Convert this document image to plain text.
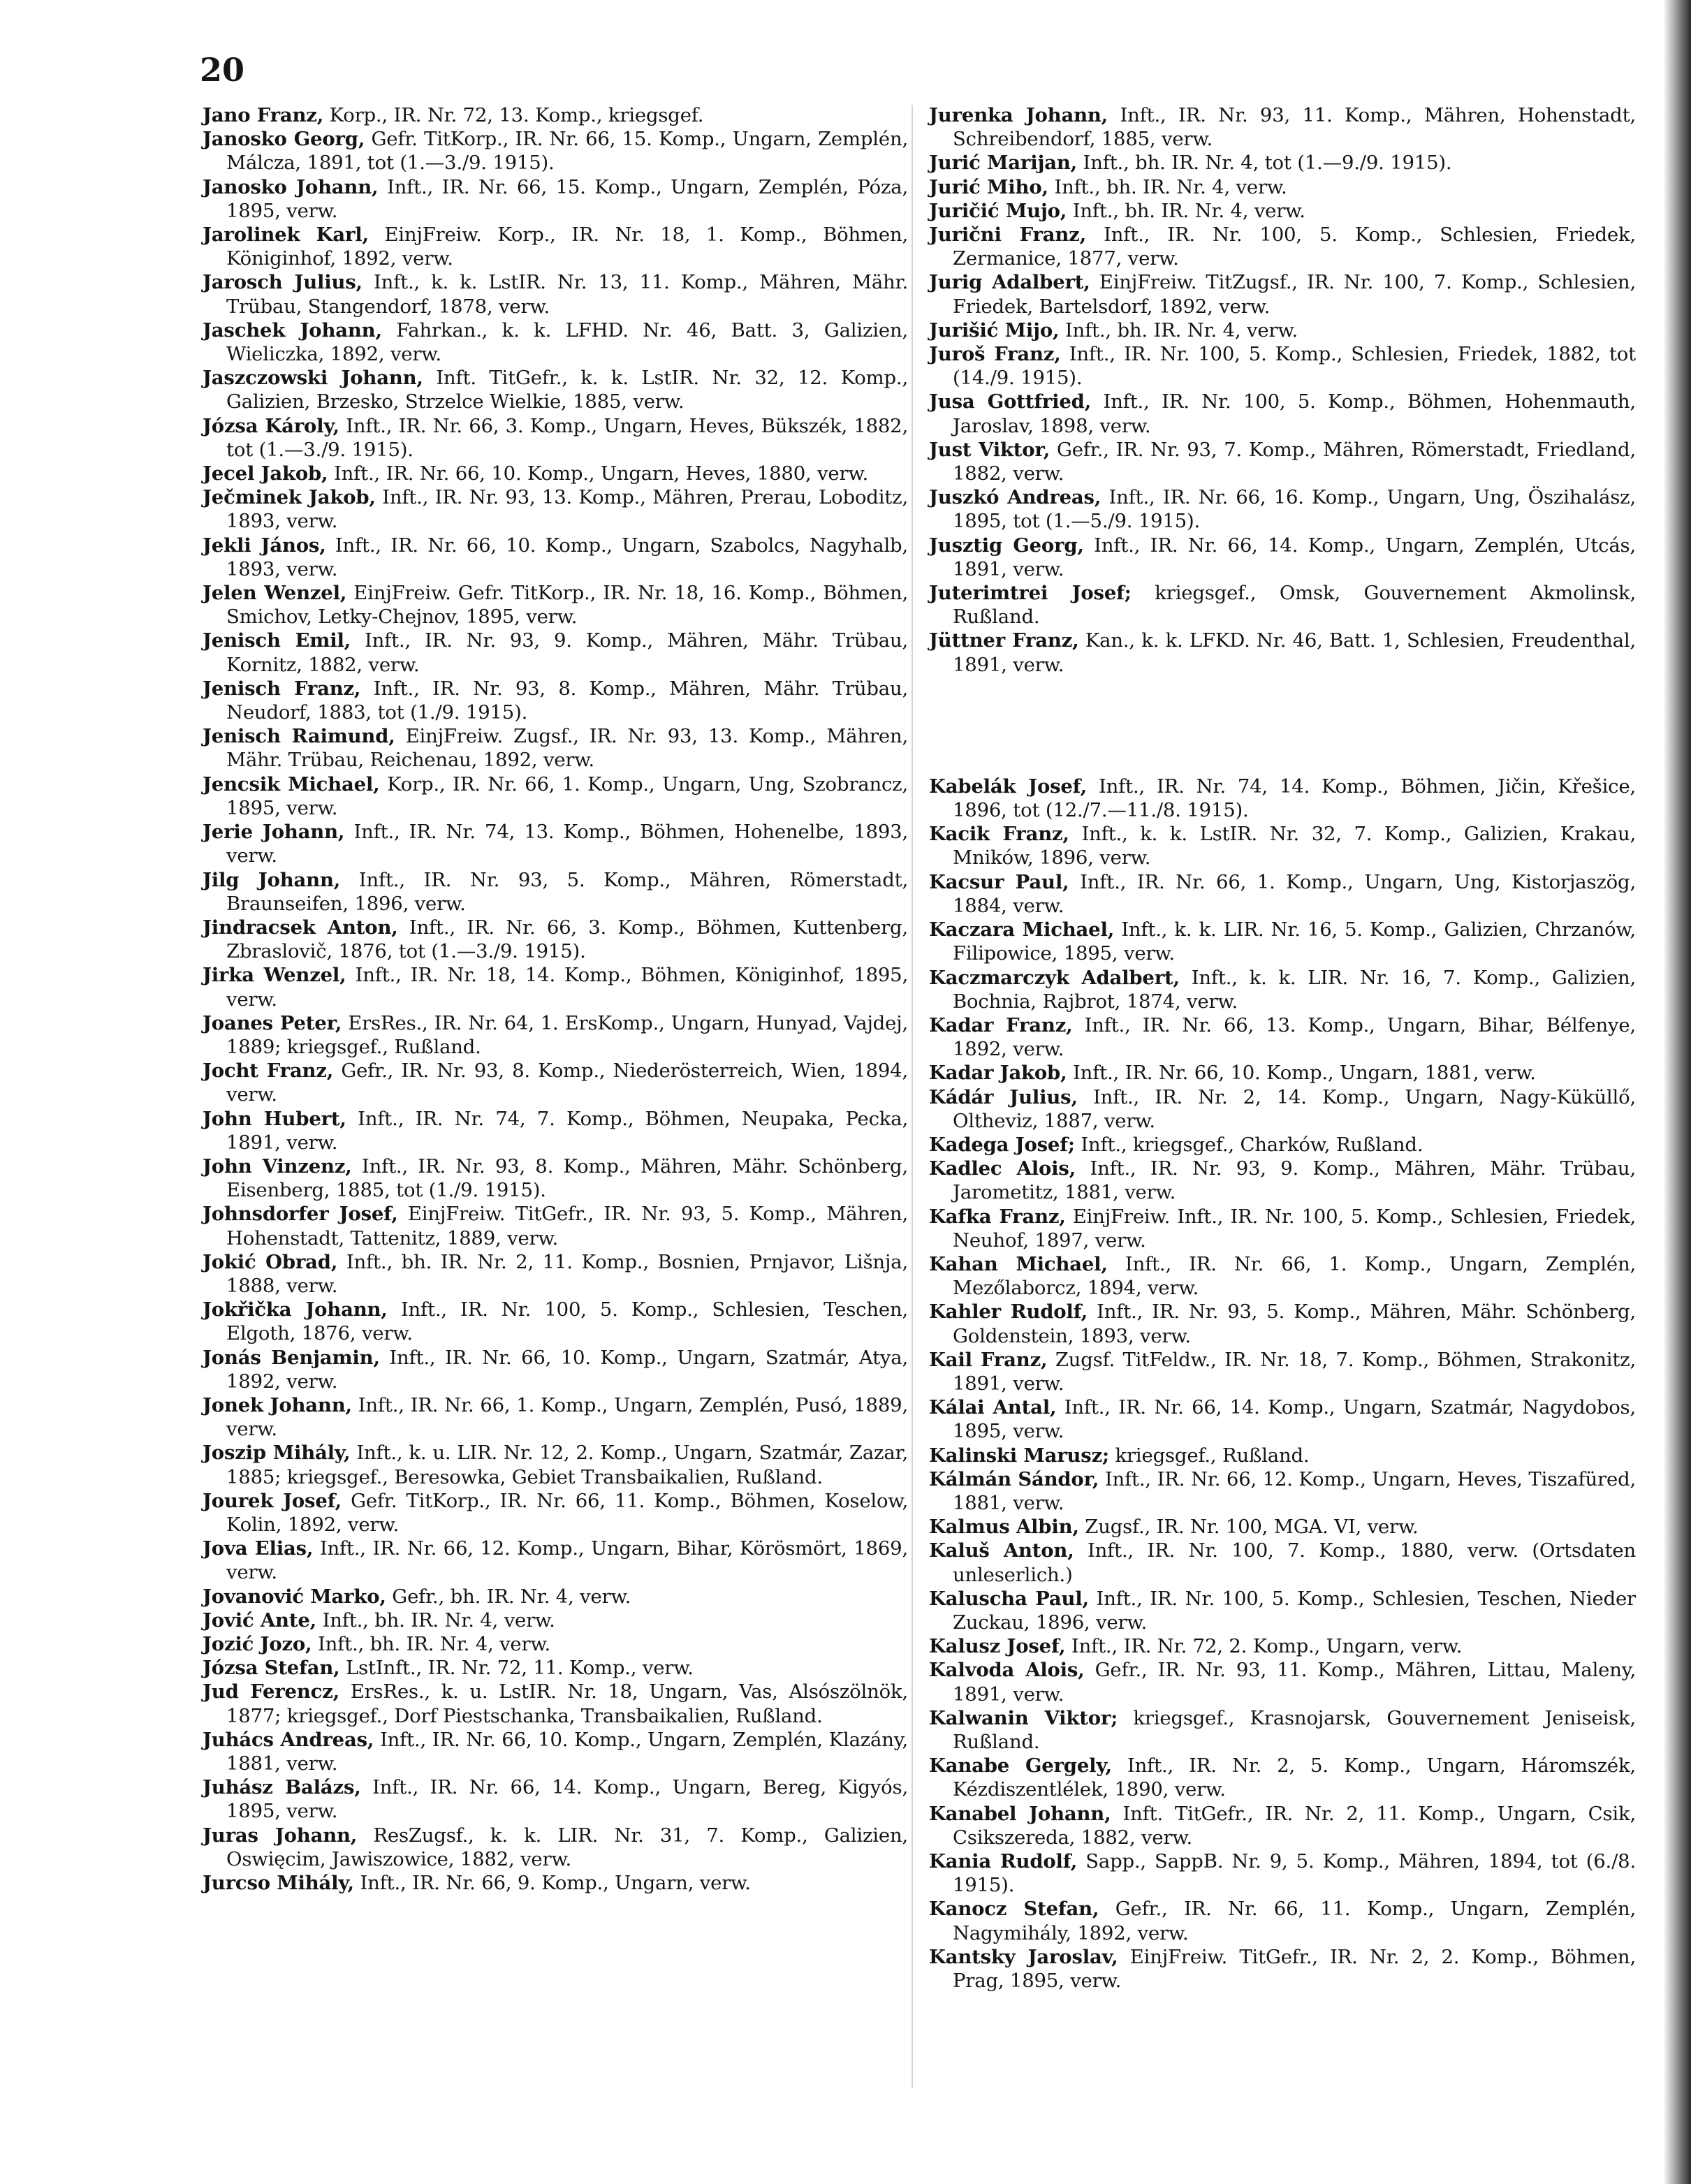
20

Jano Franz, Korp., IR. Nr. 72, 13. Komp., kriegsgef.

Janosko Georg, Gefr. TitKorp., IR. Nr. 66, 15. Komp., Ungarn, Zemplén, Málcza, 1891, tot (1.—3./9. 1915).

Janosko Johann, Inft., IR. Nr. 66, 15. Komp., Ungarn, Zemplén, Póza, 1895, verw.

Jarolinek Karl, EinjFreiw. Korp., IR. Nr. 18, 1. Komp., Böhmen, Königinhof, 1892, verw.

Jarosch Julius, Inft., k. k. LstIR. Nr. 13, 11. Komp., Mähren, Mähr. Trübau, Stangendorf, 1878, verw.

Jaschek Johann, Fahrkan., k. k. LFHD. Nr. 46, Batt. 3, Galizien, Wieliczka, 1892, verw.

Jaszczowski Johann, Inft. TitGefr., k. k. LstIR. Nr. 32, 12. Komp., Galizien, Brzesko, Strzelce Wielkie, 1885, verw.

Józsa Károly, Inft., IR. Nr. 66, 3. Komp., Ungarn, Heves, Bükszék, 1882, tot (1.—3./9. 1915).

Jecel Jakob, Inft., IR. Nr. 66, 10. Komp., Ungarn, Heves, 1880, verw.

Ječminek Jakob, Inft., IR. Nr. 93, 13. Komp., Mähren, Prerau, Loboditz, 1893, verw.

Jekli János, Inft., IR. Nr. 66, 10. Komp., Ungarn, Szabolcs, Nagyhalb, 1893, verw.

Jelen Wenzel, EinjFreiw. Gefr. TitKorp., IR. Nr. 18, 16. Komp., Böhmen, Smichov, Letky-Chejnov, 1895, verw.

Jenisch Emil, Inft., IR. Nr. 93, 9. Komp., Mähren, Mähr. Trübau, Kornitz, 1882, verw.

Jenisch Franz, Inft., IR. Nr. 93, 8. Komp., Mähren, Mähr. Trübau, Neudorf, 1883, tot (1./9. 1915).

Jenisch Raimund, EinjFreiw. Zugsf., IR. Nr. 93, 13. Komp., Mähren, Mähr. Trübau, Reichenau, 1892, verw.

Jencsik Michael, Korp., IR. Nr. 66, 1. Komp., Ungarn, Ung, Szobrancz, 1895, verw.

Jerie Johann, Inft., IR. Nr. 74, 13. Komp., Böhmen, Hohenelbe, 1893, verw.

Jilg Johann, Inft., IR. Nr. 93, 5. Komp., Mähren, Römerstadt, Braunseifen, 1896, verw.

Jindracsek Anton, Inft., IR. Nr. 66, 3. Komp., Böhmen, Kuttenberg, Zbraslovič, 1876, tot (1.—3./9. 1915).

Jirka Wenzel, Inft., IR. Nr. 18, 14. Komp., Böhmen, Königinhof, 1895, verw.

Joanes Peter, ErsRes., IR. Nr. 64, 1. ErsKomp., Ungarn, Hunyad, Vajdej, 1889; kriegsgef., Rußland.

Jocht Franz, Gefr., IR. Nr. 93, 8. Komp., Niederösterreich, Wien, 1894, verw.

John Hubert, Inft., IR. Nr. 74, 7. Komp., Böhmen, Neupaka, Pecka, 1891, verw.

John Vinzenz, Inft., IR. Nr. 93, 8. Komp., Mähren, Mähr. Schönberg, Eisenberg, 1885, tot (1./9. 1915).

Johnsdorfer Josef, EinjFreiw. TitGefr., IR. Nr. 93, 5. Komp., Mähren, Hohenstadt, Tattenitz, 1889, verw.

Jokić Obrad, Inft., bh. IR. Nr. 2, 11. Komp., Bosnien, Prnjavor, Lišnja, 1888, verw.

Jokřička Johann, Inft., IR. Nr. 100, 5. Komp., Schlesien, Teschen, Elgoth, 1876, verw.

Jonás Benjamin, Inft., IR. Nr. 66, 10. Komp., Ungarn, Szatmár, Atya, 1892, verw.

Jonek Johann, Inft., IR. Nr. 66, 1. Komp., Ungarn, Zemplén, Pusó, 1889, verw.

Joszip Mihály, Inft., k. u. LIR. Nr. 12, 2. Komp., Ungarn, Szatmár, Zazar, 1885; kriegsgef., Beresowka, Gebiet Transbaikalien, Rußland.

Jourek Josef, Gefr. TitKorp., IR. Nr. 66, 11. Komp., Böhmen, Koselow, Kolin, 1892, verw.

Jova Elias, Inft., IR. Nr. 66, 12. Komp., Ungarn, Bihar, Körösmört, 1869, verw.

Jovanović Marko, Gefr., bh. IR. Nr. 4, verw.

Jović Ante, Inft., bh. IR. Nr. 4, verw.

Jozić Jozo, Inft., bh. IR. Nr. 4, verw.

Józsa Stefan, LstInft., IR. Nr. 72, 11. Komp., verw.

Jud Ferencz, ErsRes., k. u. LstIR. Nr. 18, Ungarn, Vas, Alsószölnök, 1877; kriegsgef., Dorf Piestschanka, Transbaikalien, Rußland.

Juhács Andreas, Inft., IR. Nr. 66, 10. Komp., Ungarn, Zemplén, Klazány, 1881, verw.

Juhász Balázs, Inft., IR. Nr. 66, 14. Komp., Ungarn, Bereg, Kigyós, 1895, verw.

Juras Johann, ResZugsf., k. k. LIR. Nr. 31, 7. Komp., Galizien, Oswięcim, Jawiszowice, 1882, verw.

Jurcso Mihály, Inft., IR. Nr. 66, 9. Komp., Ungarn, verw.

Jurenka Johann, Inft., IR. Nr. 93, 11. Komp., Mähren, Hohenstadt, Schreibendorf, 1885, verw.

Jurić Marijan, Inft., bh. IR. Nr. 4, tot (1.—9./9. 1915).

Jurić Miho, Inft., bh. IR. Nr. 4, verw.

Juričić Mujo, Inft., bh. IR. Nr. 4, verw.

Jurični Franz, Inft., IR. Nr. 100, 5. Komp., Schlesien, Friedek, Zermanice, 1877, verw.

Jurig Adalbert, EinjFreiw. TitZugsf., IR. Nr. 100, 7. Komp., Schlesien, Friedek, Bartelsdorf, 1892, verw.

Jurišić Mijo, Inft., bh. IR. Nr. 4, verw.

Juroš Franz, Inft., IR. Nr. 100, 5. Komp., Schlesien, Friedek, 1882, tot (14./9. 1915).

Jusa Gottfried, Inft., IR. Nr. 100, 5. Komp., Böhmen, Hohenmauth, Jaroslav, 1898, verw.

Just Viktor, Gefr., IR. Nr. 93, 7. Komp., Mähren, Römerstadt, Friedland, 1882, verw.

Juszkó Andreas, Inft., IR. Nr. 66, 16. Komp., Ungarn, Ung, Öszihalász, 1895, tot (1.—5./9. 1915).

Jusztig Georg, Inft., IR. Nr. 66, 14. Komp., Ungarn, Zemplén, Utcás, 1891, verw.

Juterimtrei Josef; kriegsgef., Omsk, Gouvernement Akmolinsk, Rußland.

Jüttner Franz, Kan., k. k. LFKD. Nr. 46, Batt. 1, Schlesien, Freudenthal, 1891, verw.

Kabelák Josef, Inft., IR. Nr. 74, 14. Komp., Böhmen, Jičin, Křešice, 1896, tot (12./7.—11./8. 1915).

Kacik Franz, Inft., k. k. LstIR. Nr. 32, 7. Komp., Galizien, Krakau, Mników, 1896, verw.

Kacsur Paul, Inft., IR. Nr. 66, 1. Komp., Ungarn, Ung, Kistorjaszög, 1884, verw.

Kaczara Michael, Inft., k. k. LIR. Nr. 16, 5. Komp., Galizien, Chrzanów, Filipowice, 1895, verw.

Kaczmarczyk Adalbert, Inft., k. k. LIR. Nr. 16, 7. Komp., Galizien, Bochnia, Rajbrot, 1874, verw.

Kadar Franz, Inft., IR. Nr. 66, 13. Komp., Ungarn, Bihar, Bélfenye, 1892, verw.

Kadar Jakob, Inft., IR. Nr. 66, 10. Komp., Ungarn, 1881, verw.

Kádár Julius, Inft., IR. Nr. 2, 14. Komp., Ungarn, Nagy-Küküllő, Oltheviz, 1887, verw.

Kadega Josef; Inft., kriegsgef., Charków, Rußland.

Kadlec Alois, Inft., IR. Nr. 93, 9. Komp., Mähren, Mähr. Trübau, Jarometitz, 1881, verw.

Kafka Franz, EinjFreiw. Inft., IR. Nr. 100, 5. Komp., Schlesien, Friedek, Neuhof, 1897, verw.

Kahan Michael, Inft., IR. Nr. 66, 1. Komp., Ungarn, Zemplén, Mezőlaborcz, 1894, verw.

Kahler Rudolf, Inft., IR. Nr. 93, 5. Komp., Mähren, Mähr. Schönberg, Goldenstein, 1893, verw.

Kail Franz, Zugsf. TitFeldw., IR. Nr. 18, 7. Komp., Böhmen, Strakonitz, 1891, verw.

Kálai Antal, Inft., IR. Nr. 66, 14. Komp., Ungarn, Szatmár, Nagydobos, 1895, verw.

Kalinski Marusz; kriegsgef., Rußland.

Kálmán Sándor, Inft., IR. Nr. 66, 12. Komp., Ungarn, Heves, Tiszafüred, 1881, verw.

Kalmus Albin, Zugsf., IR. Nr. 100, MGA. VI, verw.

Kaluš Anton, Inft., IR. Nr. 100, 7. Komp., 1880, verw. (Ortsdaten unleserlich.)

Kaluscha Paul, Inft., IR. Nr. 100, 5. Komp., Schlesien, Teschen, Nieder Zuckau, 1896, verw.

Kalusz Josef, Inft., IR. Nr. 72, 2. Komp., Ungarn, verw.

Kalvoda Alois, Gefr., IR. Nr. 93, 11. Komp., Mähren, Littau, Maleny, 1891, verw.

Kalwanin Viktor; kriegsgef., Krasnojarsk, Gouvernement Jeniseisk, Rußland.

Kanabe Gergely, Inft., IR. Nr. 2, 5. Komp., Ungarn, Háromszék, Kézdiszentlélek, 1890, verw.

Kanabel Johann, Inft. TitGefr., IR. Nr. 2, 11. Komp., Ungarn, Csik, Csikszereda, 1882, verw.

Kania Rudolf, Sapp., SappB. Nr. 9, 5. Komp., Mähren, 1894, tot (6./8. 1915).

Kanocz Stefan, Gefr., IR. Nr. 66, 11. Komp., Ungarn, Zemplén, Nagymihály, 1892, verw.

Kantsky Jaroslav, EinjFreiw. TitGefr., IR. Nr. 2, 2. Komp., Böhmen, Prag, 1895, verw.
